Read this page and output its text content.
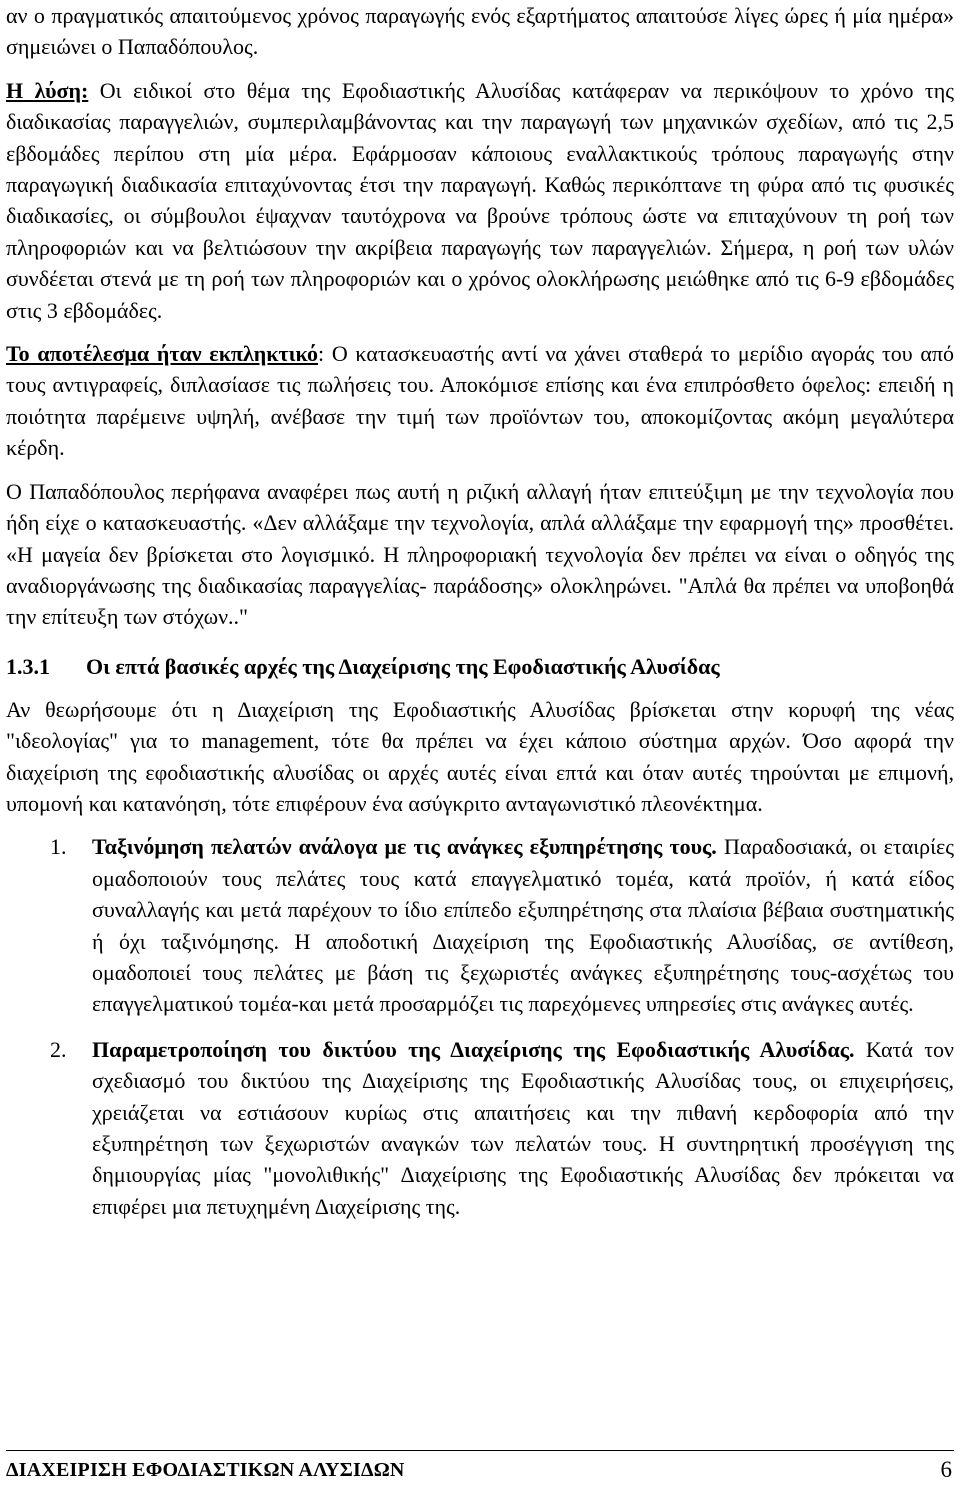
αν ο πραγματικός απαιτούμενος χρόνος παραγωγής ενός εξαρτήματος απαιτούσε λίγες ώρες ή μία ημέρα» σημειώνει ο Παπαδόπουλος.

Η λύση: Οι ειδικοί στο θέμα της Εφοδιαστικής Αλυσίδας κατάφεραν να περικόψουν το χρόνο της διαδικασίας παραγγελιών, συμπεριλαμβάνοντας και την παραγωγή των μηχανικών σχεδίων, από τις 2,5 εβδομάδες περίπου στη μία μέρα. Εφάρμοσαν κάποιους εναλλακτικούς τρόπους παραγωγής στην παραγωγική διαδικασία επιταχύνοντας έτσι την παραγωγή. Καθώς περικόπτανε τη φύρα από τις φυσικές διαδικασίες, οι σύμβουλοι έψαχναν ταυτόχρονα να βρούνε τρόπους ώστε να επιταχύνουν τη ροή των πληροφοριών και να βελτιώσουν την ακρίβεια παραγωγής των παραγγελιών. Σήμερα, η ροή των υλών συνδέεται στενά με τη ροή των πληροφοριών και ο χρόνος ολοκλήρωσης μειώθηκε από τις 6-9 εβδομάδες στις 3 εβδομάδες.

Το αποτέλεσμα ήταν εκπληκτικό: Ο κατασκευαστής αντί να χάνει σταθερά το μερίδιο αγοράς του από τους αντιγραφείς, διπλασίασε τις πωλήσεις του. Αποκόμισε επίσης και ένα επιπρόσθετο όφελος: επειδή η ποιότητα παρέμεινε υψηλή, ανέβασε την τιμή των προϊόντων του, αποκομίζοντας ακόμη μεγαλύτερα κέρδη.

Ο Παπαδόπουλος περήφανα αναφέρει πως αυτή η ριζική αλλαγή ήταν επιτεύξιμη με την τεχνολογία που ήδη είχε ο κατασκευαστής. «Δεν αλλάξαμε την τεχνολογία, απλά αλλάξαμε την εφαρμογή της» προσθέτει. «Η μαγεία δεν βρίσκεται στο λογισμικό. Η πληροφοριακή τεχνολογία δεν πρέπει να είναι ο οδηγός της αναδιοργάνωσης της διαδικασίας παραγγελίας- παράδοσης» ολοκληρώνει. "Απλά θα πρέπει να υποβοηθά την επίτευξη των στόχων.."

1.3.1 Οι επτά βασικές αρχές της Διαχείρισης της Εφοδιαστικής Αλυσίδας

Αν θεωρήσουμε ότι η Διαχείριση της Εφοδιαστικής Αλυσίδας βρίσκεται στην κορυφή της νέας "ιδεολογίας" για το management, τότε θα πρέπει να έχει κάποιο σύστημα αρχών. Όσο αφορά την διαχείριση της εφοδιαστικής αλυσίδας οι αρχές αυτές είναι επτά και όταν αυτές τηρούνται με επιμονή, υπομονή και κατανόηση, τότε επιφέρουν ένα ασύγκριτο ανταγωνιστικό πλεονέκτημα.

1. Ταξινόμηση πελατών ανάλογα με τις ανάγκες εξυπηρέτησης τους. Παραδοσιακά, οι εταιρίες ομαδοποιούν τους πελάτες τους κατά επαγγελματικό τομέα, κατά προϊόν, ή κατά είδος συναλλαγής και μετά παρέχουν το ίδιο επίπεδο εξυπηρέτησης στα πλαίσια βέβαια συστηματικής ή όχι ταξινόμησης. Η αποδοτική Διαχείριση της Εφοδιαστικής Αλυσίδας, σε αντίθεση, ομαδοποιεί τους πελάτες με βάση τις ξεχωριστές ανάγκες εξυπηρέτησης τους-ασχέτως του επαγγελματικού τομέα-και μετά προσαρμόζει τις παρεχόμενες υπηρεσίες στις ανάγκες αυτές.
2. Παραμετροποίηση του δικτύου της Διαχείρισης της Εφοδιαστικής Αλυσίδας. Κατά τον σχεδιασμό του δικτύου της Διαχείρισης της Εφοδιαστικής Αλυσίδας τους, οι επιχειρήσεις, χρειάζεται να εστιάσουν κυρίως στις απαιτήσεις και την πιθανή κερδοφορία από την εξυπηρέτηση των ξεχωριστών αναγκών των πελατών τους. Η συντηρητική προσέγγιση της δημιουργίας μίας "μονολιθικής" Διαχείρισης της Εφοδιαστικής Αλυσίδας δεν πρόκειται να επιφέρει μια πετυχημένη Διαχείρισης της.
ΔΙΑΧΕΙΡΙΣΗ ΕΦΟΔΙΑΣΤΙΚΩΝ ΑΛΥΣΙΔΩΝ	6
